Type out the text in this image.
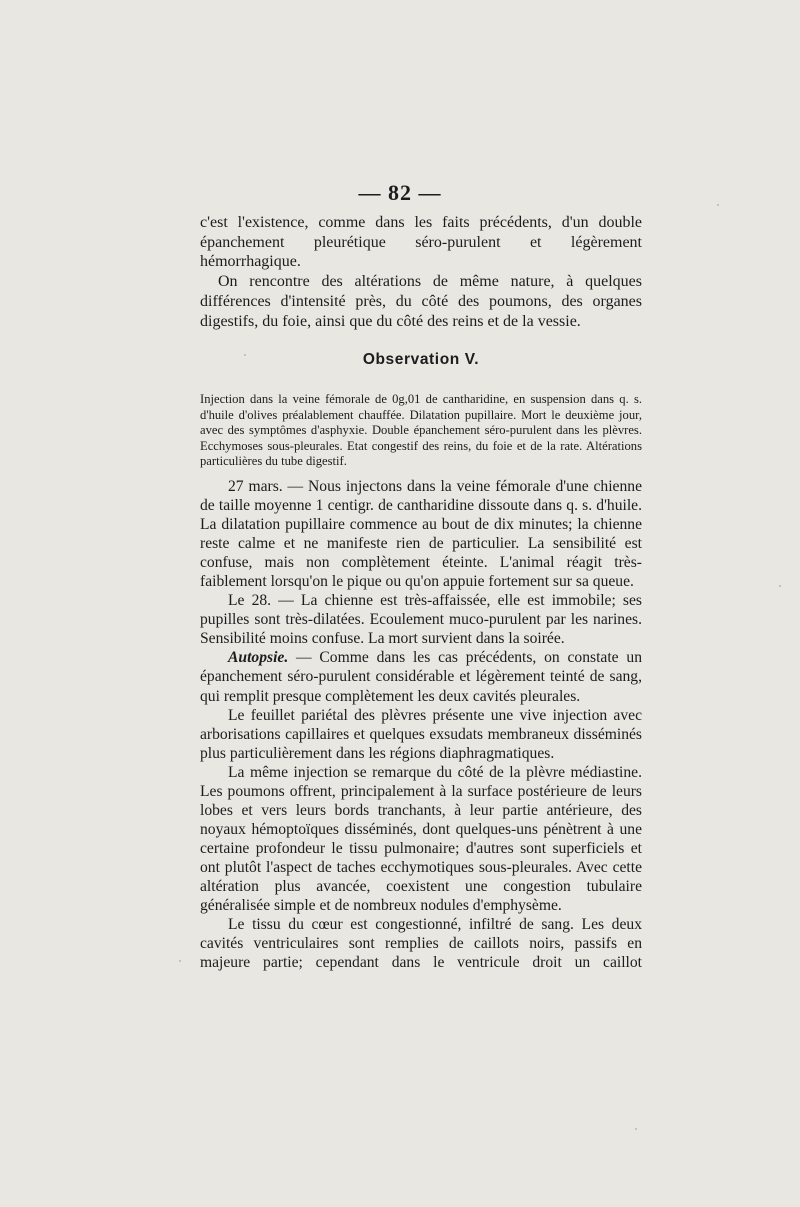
— 82 —

c'est l'existence, comme dans les faits précédents, d'un double épanchement pleurétique séro-purulent et légèrement hémorrhagique.

On rencontre des altérations de même nature, à quelques différences d'intensité près, du côté des poumons, des organes digestifs, du foie, ainsi que du côté des reins et de la vessie.

Observation V.

Injection dans la veine fémorale de 0g,01 de cantharidine, en suspension dans q. s. d'huile d'olives préalablement chauffée. Dilatation pupillaire. Mort le deuxième jour, avec des symptômes d'asphyxie. Double épanchement séro-purulent dans les plèvres. Ecchymoses sous-pleurales. Etat congestif des reins, du foie et de la rate. Altérations particulières du tube digestif.

27 mars. — Nous injectons dans la veine fémorale d'une chienne de taille moyenne 1 centigr. de cantharidine dissoute dans q. s. d'huile. La dilatation pupillaire commence au bout de dix minutes; la chienne reste calme et ne manifeste rien de particulier. La sensibilité est confuse, mais non complètement éteinte. L'animal réagit très-faiblement lorsqu'on le pique ou qu'on appuie fortement sur sa queue.

Le 28. — La chienne est très-affaissée, elle est immobile; ses pupilles sont très-dilatées. Ecoulement muco-purulent par les narines. Sensibilité moins confuse. La mort survient dans la soirée.

Autopsie. — Comme dans les cas précédents, on constate un épanchement séro-purulent considérable et légèrement teinté de sang, qui remplit presque complètement les deux cavités pleurales.

Le feuillet pariétal des plèvres présente une vive injection avec arborisations capillaires et quelques exsudats membraneux disséminés plus particulièrement dans les régions diaphragmatiques.

La même injection se remarque du côté de la plèvre médiastine. Les poumons offrent, principalement à la surface postérieure de leurs lobes et vers leurs bords tranchants, à leur partie antérieure, des noyaux hémoptoïques disséminés, dont quelques-uns pénètrent à une certaine profondeur le tissu pulmonaire; d'autres sont superficiels et ont plutôt l'aspect de taches ecchymotiques sous-pleurales. Avec cette altération plus avancée, coexistent une congestion tubulaire généralisée simple et de nombreux nodules d'emphysème.

Le tissu du cœur est congestionné, infiltré de sang. Les deux cavités ventriculaires sont remplies de caillots noirs, passifs en majeure partie; cependant dans le ventricule droit un caillot
